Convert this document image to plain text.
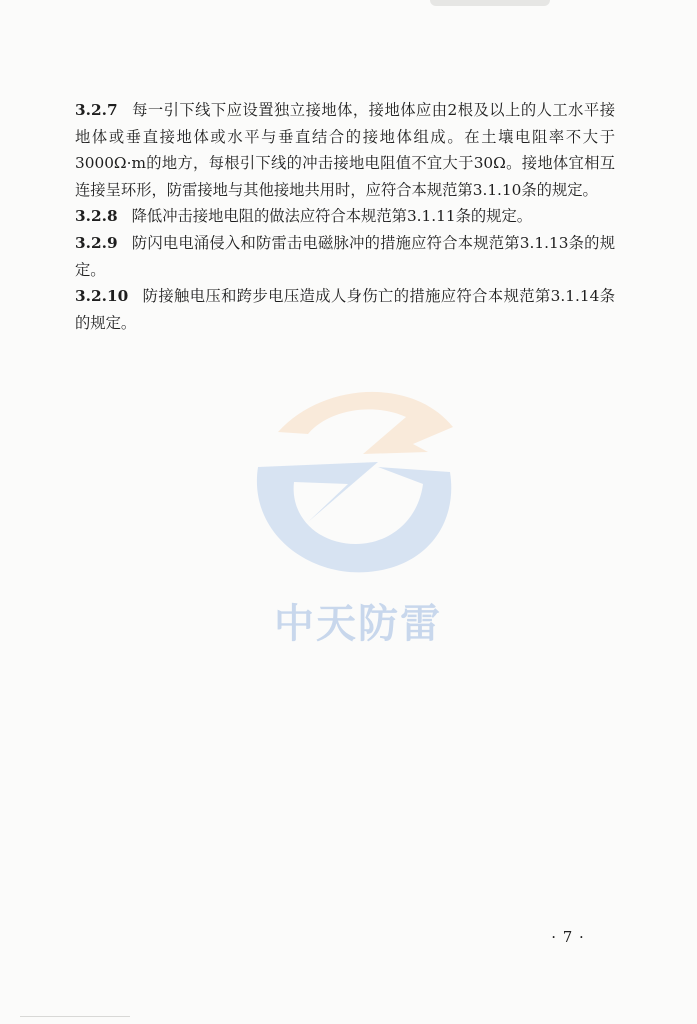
3.2.7 每一引下线下应设置独立接地体，接地体应由2根及以上的人工水平接地体或垂直接地体或水平与垂直结合的接地体组成。在土壤电阻率不大于3000Ω·m的地方，每根引下线的冲击接地电阻值不宜大于30Ω。接地体宜相互连接呈环形，防雷接地与其他接地共用时，应符合本规范第3.1.10条的规定。

3.2.8 降低冲击接地电阻的做法应符合本规范第3.1.11条的规定。

3.2.9 防闪电电涌侵入和防雷击电磁脉冲的措施应符合本规范第3.1.13条的规定。

3.2.10 防接触电压和跨步电压造成人身伤亡的措施应符合本规范第3.1.14条的规定。

中天防雷
· 7 ·
